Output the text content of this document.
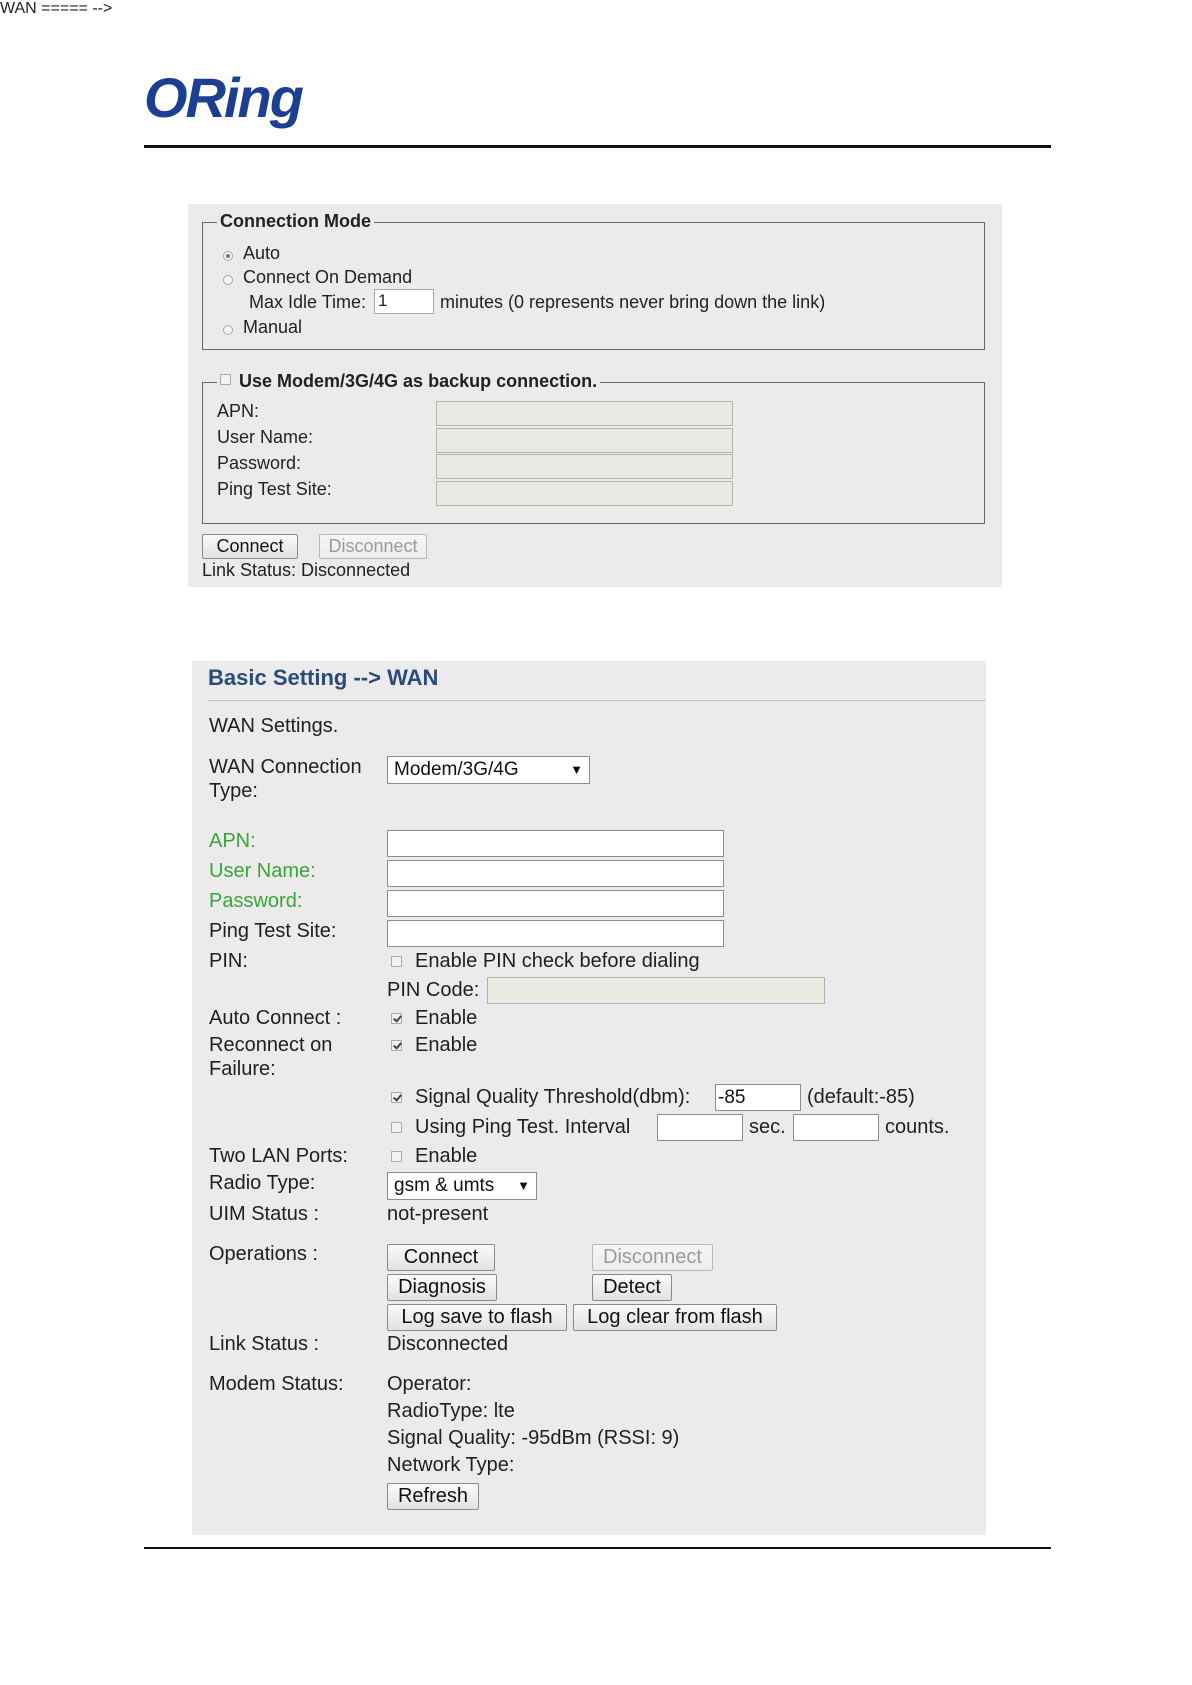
ORing
Connection Mode
Auto
Connect On Demand
Max Idle Time: 1	minutes (0 represents never bring down the link)
Manual
Use Modem/3G/4G as backup connection.
APN:
User Name:
Password:
Ping Test Site:
Connect	Disconnect
Link Status: Disconnected
WAN ===== -->
Basic Setting --> WAN
WAN Settings.
WAN Connection
Type:
Modem/3G/4G	▼
APN:
User Name:
Password:
Ping Test Site:
PIN:	Enable PIN check before dialing
PIN Code:
Auto Connect :	Enable
Reconnect on
Failure:
Enable
Signal Quality Threshold(dbm): -85	(default:-85)
Using Ping Test. Interval	sec.	counts.
Two LAN Ports:	Enable
Radio Type:	gsm & umts ▼
UIM Status :	not-present
Operations :	Connect	Disconnect
Diagnosis	Detect
Log save to flash	Log clear from flash
Link Status :	Disconnected
Modem Status: Operator:
RadioType: lte
Signal Quality: -95dBm (RSSI: 9)
Network Type:
Refresh
